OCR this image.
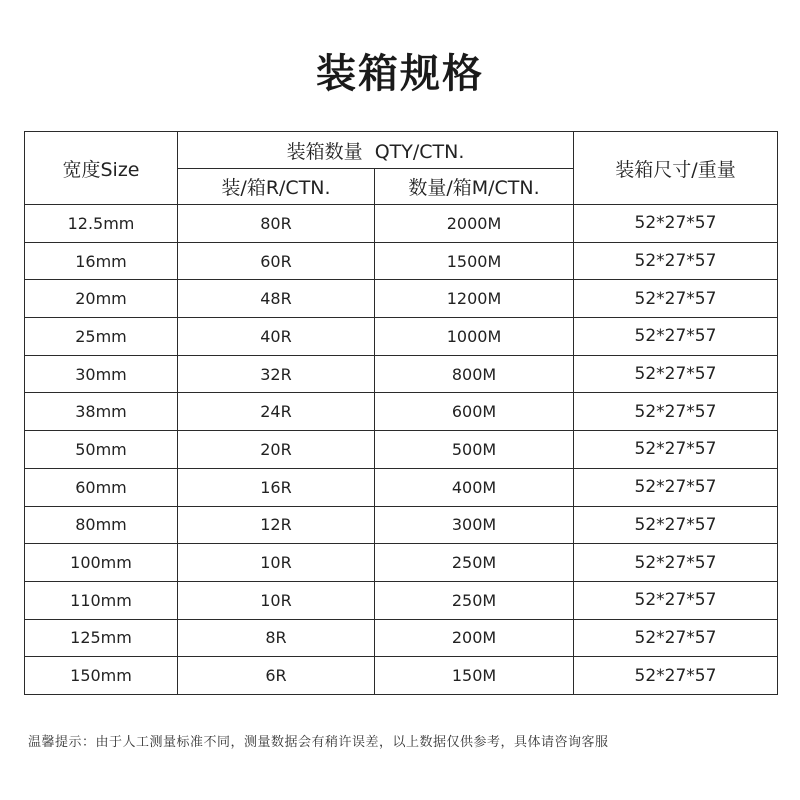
装箱规格
宽度Size	装箱数量  QTY/CTN.		装箱尺寸/重量
	装/箱R/CTN.	数量/箱M/CTN.	
12.5mm	80R	2000M	52*27*57
16mm	60R	1500M	52*27*57
20mm	48R	1200M	52*27*57
25mm	40R	1000M	52*27*57
30mm	32R	800M	52*27*57
38mm	24R	600M	52*27*57
50mm	20R	500M	52*27*57
60mm	16R	400M	52*27*57
80mm	12R	300M	52*27*57
100mm	10R	250M	52*27*57
110mm	10R	250M	52*27*57
125mm	8R	200M	52*27*57
150mm	6R	150M	52*27*57
温馨提示：由于人工测量标准不同，测量数据会有稍许误差，以上数据仅供参考，具体请咨询客服
